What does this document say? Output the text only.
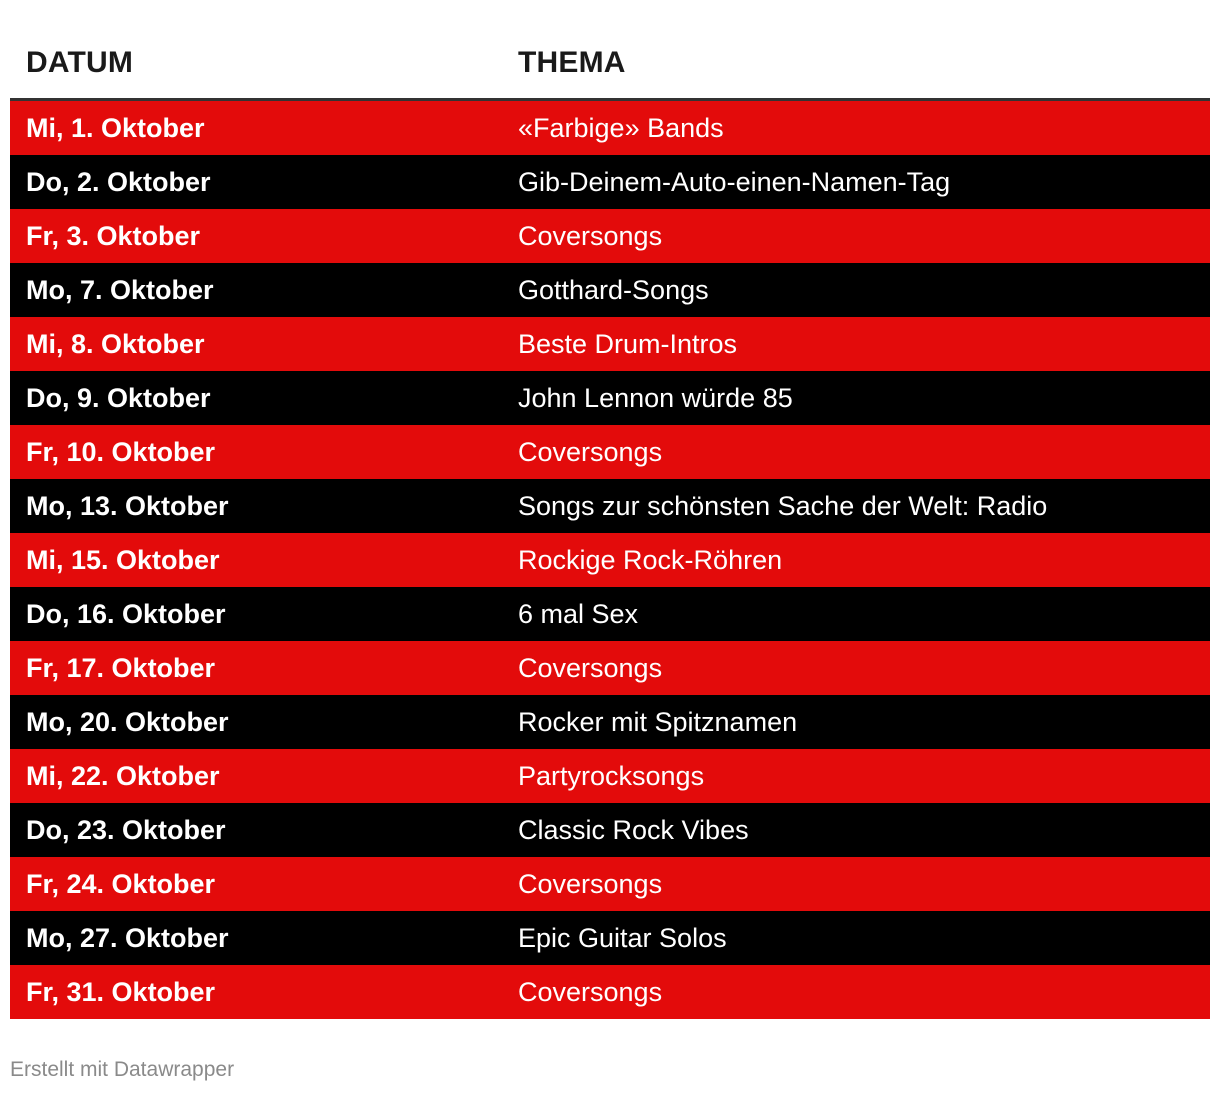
DATUM	THEMA
Mi, 1. Oktober	«Farbige» Bands
Do, 2. Oktober	Gib-Deinem-Auto-einen-Namen-Tag
Fr, 3. Oktober	Coversongs
Mo, 7. Oktober	Gotthard-Songs
Mi, 8. Oktober	Beste Drum-Intros
Do, 9. Oktober	John Lennon würde 85
Fr, 10. Oktober	Coversongs
Mo, 13. Oktober	Songs zur schönsten Sache der Welt: Radio
Mi, 15. Oktober	Rockige Rock-Röhren
Do, 16. Oktober	6 mal Sex
Fr, 17. Oktober	Coversongs
Mo, 20. Oktober	Rocker mit Spitznamen
Mi, 22. Oktober	Partyrocksongs
Do, 23. Oktober	Classic Rock Vibes
Fr, 24. Oktober	Coversongs
Mo, 27. Oktober	Epic Guitar Solos
Fr, 31. Oktober	Coversongs
Erstellt mit Datawrapper
